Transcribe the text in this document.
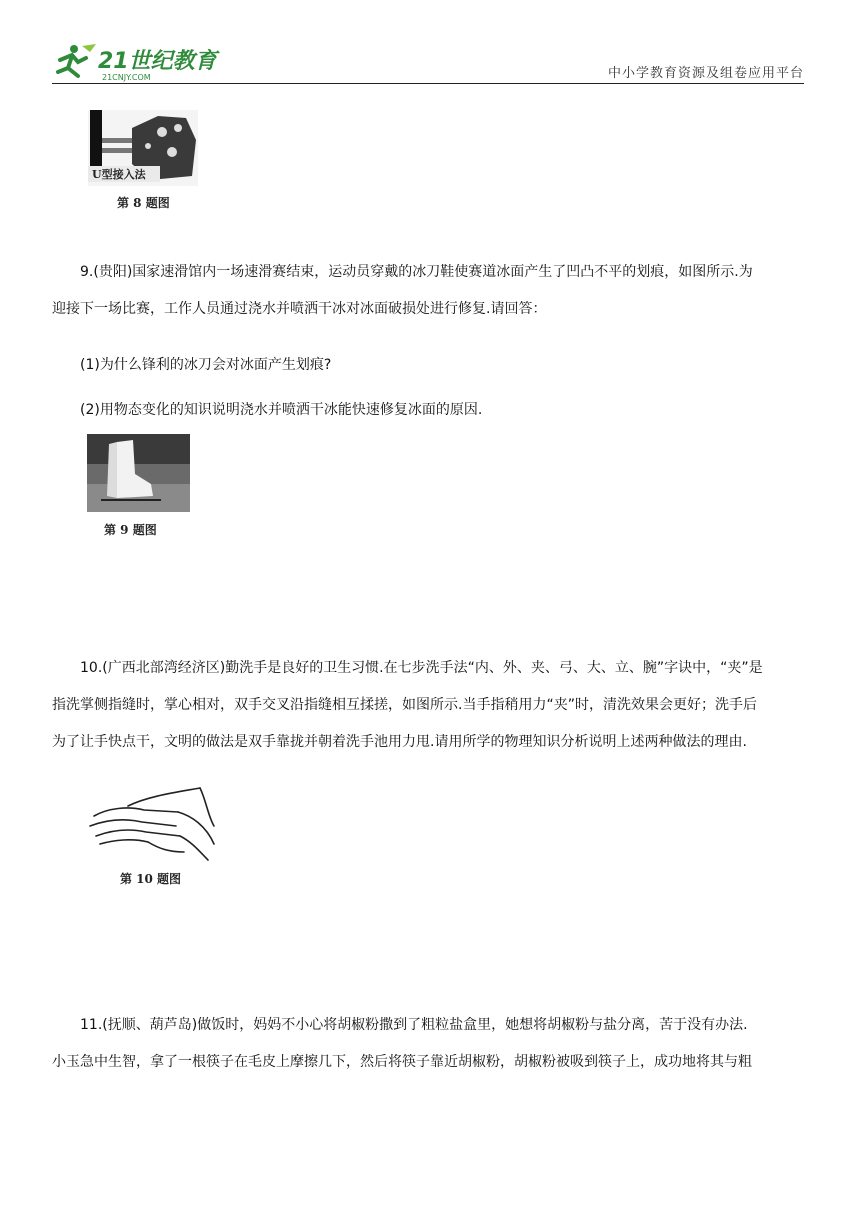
21世纪教育
21CNJY.COM	中小学教育资源及组卷应用平台
U型接入法
第 8 题图

9.(贵阳)国家速滑馆内一场速滑赛结束，运动员穿戴的冰刀鞋使赛道冰面产生了凹凸不平的划痕，如图所示.为

迎接下一场比赛，工作人员通过浇水并喷洒干冰对冰面破损处进行修复.请回答：

(1)为什么锋利的冰刀会对冰面产生划痕?
(2)用物态变化的知识说明浇水并喷洒干冰能快速修复冰面的原因.
第 9 题图

10.(广西北部湾经济区)勤洗手是良好的卫生习惯.在七步洗手法“内、外、夹、弓、大、立、腕”字诀中，“夹”是

指洗掌侧指缝时，掌心相对，双手交叉沿指缝相互揉搓，如图所示.当手指稍用力“夹”时，清洗效果会更好；洗手后

为了让手快点干，文明的做法是双手靠拢并朝着洗手池用力甩.请用所学的物理知识分析说明上述两种做法的理由.

第 10 题图

11.(抚顺、葫芦岛)做饭时，妈妈不小心将胡椒粉撒到了粗粒盐盒里，她想将胡椒粉与盐分离，苦于没有办法.

小玉急中生智，拿了一根筷子在毛皮上摩擦几下，然后将筷子靠近胡椒粉，胡椒粉被吸到筷子上，成功地将其与粗
